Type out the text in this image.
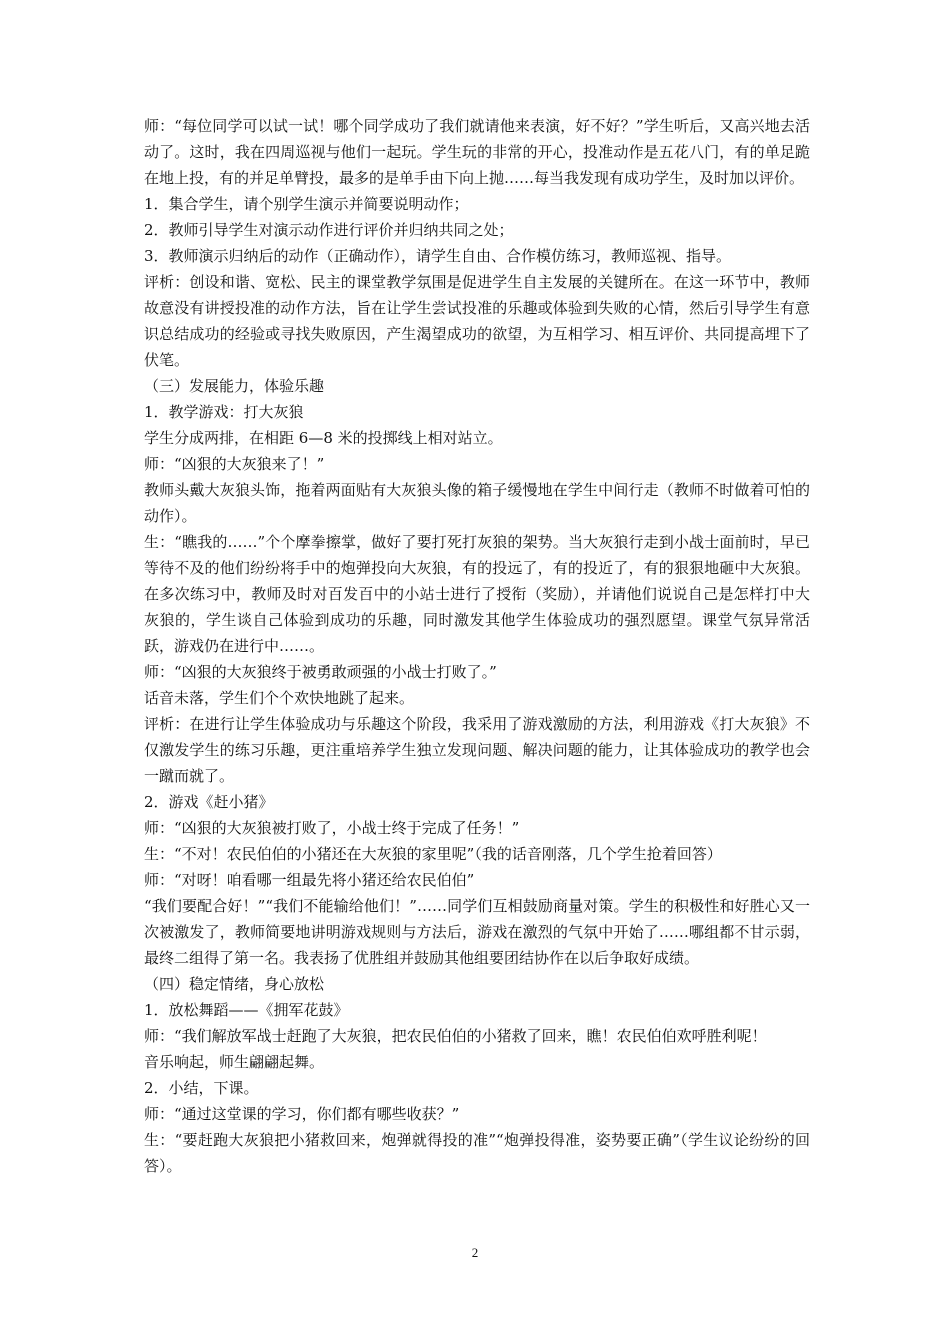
师：“每位同学可以试一试！哪个同学成功了我们就请他来表演，好不好？”学生听后，又高兴地去活动了。这时，我在四周巡视与他们一起玩。学生玩的非常的开心，投准动作是五花八门，有的单足跪在地上投，有的并足单臂投，最多的是单手由下向上抛……每当我发现有成功学生，及时加以评价。

1．集合学生，请个别学生演示并简要说明动作；

2．教师引导学生对演示动作进行评价并归纳共同之处；

3．教师演示归纳后的动作（正确动作），请学生自由、合作模仿练习，教师巡视、指导。

评析：创设和谐、宽松、民主的课堂教学氛围是促进学生自主发展的关键所在。在这一环节中，教师故意没有讲授投准的动作方法，旨在让学生尝试投准的乐趣或体验到失败的心情，然后引导学生有意识总结成功的经验或寻找失败原因，产生渴望成功的欲望，为互相学习、相互评价、共同提高埋下了伏笔。

（三）发展能力，体验乐趣

1．教学游戏：打大灰狼

学生分成两排，在相距 6—8 米的投掷线上相对站立。

师：“凶狠的大灰狼来了！”

教师头戴大灰狼头饰，拖着两面贴有大灰狼头像的箱子缓慢地在学生中间行走（教师不时做着可怕的动作）。

生：“瞧我的……”个个摩拳擦掌，做好了要打死打灰狼的架势。当大灰狼行走到小战士面前时，早已等待不及的他们纷纷将手中的炮弹投向大灰狼，有的投远了，有的投近了，有的狠狠地砸中大灰狼。在多次练习中，教师及时对百发百中的小站士进行了授衔（奖励），并请他们说说自己是怎样打中大灰狼的，学生谈自己体验到成功的乐趣，同时激发其他学生体验成功的强烈愿望。课堂气氛异常活跃，游戏仍在进行中……。

师：“凶狠的大灰狼终于被勇敢顽强的小战士打败了。”

话音未落，学生们个个欢快地跳了起来。

评析：在进行让学生体验成功与乐趣这个阶段，我采用了游戏激励的方法，利用游戏《打大灰狼》不仅激发学生的练习乐趣，更注重培养学生独立发现问题、解决问题的能力，让其体验成功的教学也会一蹴而就了。

2．游戏《赶小猪》

师：“凶狠的大灰狼被打败了，小战士终于完成了任务！”

生：“不对！农民伯伯的小猪还在大灰狼的家里呢”（我的话音刚落，几个学生抢着回答）

师：“对呀！咱看哪一组最先将小猪还给农民伯伯”

“我们要配合好！”“我们不能输给他们！”……同学们互相鼓励商量对策。学生的积极性和好胜心又一次被激发了，教师简要地讲明游戏规则与方法后，游戏在激烈的气氛中开始了……哪组都不甘示弱，最终二组得了第一名。我表扬了优胜组并鼓励其他组要团结协作在以后争取好成绩。

（四）稳定情绪，身心放松

1．放松舞蹈——《拥军花鼓》

师：“我们解放军战士赶跑了大灰狼，把农民伯伯的小猪救了回来，瞧！农民伯伯欢呼胜利呢！

音乐响起，师生翩翩起舞。

2．小结，下课。

师：“通过这堂课的学习，你们都有哪些收获？”

生：“要赶跑大灰狼把小猪救回来，炮弹就得投的准”“炮弹投得准，姿势要正确”（学生议论纷纷的回答）。

2
